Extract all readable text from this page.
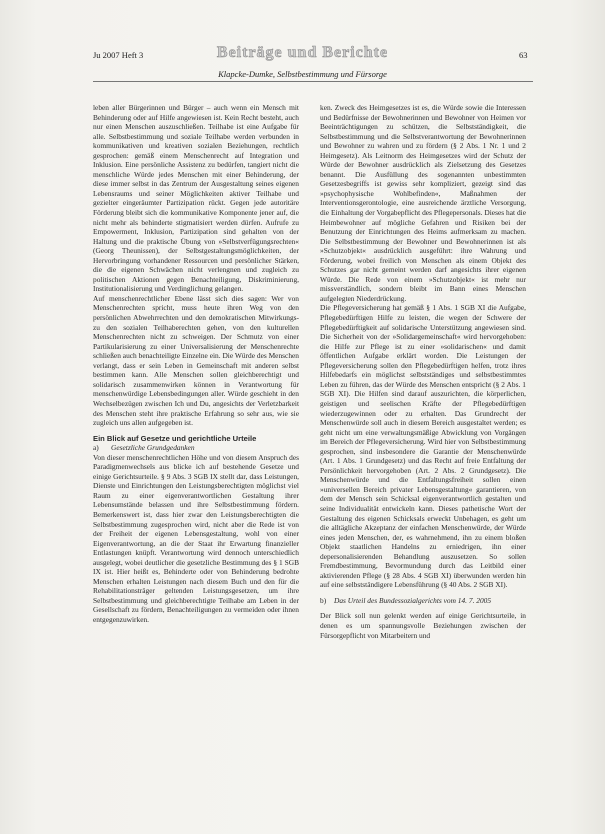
Ju 2007 Heft 3	Beiträge und Berichte	63
Klapcke-Dumke, Selbstbestimmung und Fürsorge

leben aller Bürgerinnen und Bürger – auch wenn ein Mensch mit Behinderung oder auf Hilfe angewiesen ist. Kein Recht besteht, auch nur einen Menschen auszuschließen. Teilhabe ist eine Aufgabe für alle. Selbstbestimmung und soziale Teilhabe werden verbunden in kommunikativen und kreativen sozialen Beziehungen, rechtlich gesprochen: gemäß einem Menschenrecht auf Integration und Inklusion. Eine persönliche Assistenz zu bedürfen, tangiert nicht die menschliche Würde jedes Menschen mit einer Behinderung, der diese immer selbst in das Zentrum der Ausgestaltung seines eigenen Lebensraums und seiner Möglichkeiten aktiver Teilhabe und gezielter eingeräumter Partizipation rückt. Gegen jede autoritäre Förderung bleibt sich die kommunikative Komponente jener auf, die nicht mehr als behinderte stigmatisiert werden dürfen. Aufrufe zu Empowerment, Inklusion, Partizipation sind gehalten von der Haltung und die praktische Übung von »Selbstverfügungsrechten« (Georg Theunissen), der Selbstgestaltungsmöglichkeiten, der Hervorbringung vorhandener Ressourcen und persönlicher Stärken, die die eigenen Schwächen nicht verlengnen und zugleich zu politischen Aktionen gegen Benachteiligung, Diskriminierung, Institutionalisierung und Verdinglichung gelangen.

Auf menschenrechtlicher Ebene lässt sich dies sagen: Wer von Menschenrechten spricht, muss heute ihren Weg von den persönlichen Abwehrrechten und den demokratischen Mitwirkungs- zu den sozialen Teilhaberechten gehen, von den kulturellen Menschenrechten nicht zu schweigen. Der Schmutz von einer Partikularisierung zu einer Universalisierung der Menschenrechte schließen auch benachteiligte Einzelne ein. Die Würde des Menschen verlangt, dass er sein Leben in Gemeinschaft mit anderen selbst bestimmen kann. Alle Menschen sollen gleichberechtigt und solidarisch zusammenwirken können in Verantwortung für menschenwürdige Lebensbedingungen aller. Würde geschieht in den Wechselbezügen zwischen Ich und Du, angesichts der Verletzbarkeit des Menschen steht ihre praktische Erfahrung so sehr aus, wie sie zugleich uns allen aufgegeben ist.

Ein Blick auf Gesetze und gerichtliche Urteile

a) Gesetzliche Grundgedanken

Von dieser menschenrechtlichen Höhe und von diesem Anspruch des Paradigmenwechsels aus blicke ich auf bestehende Gesetze und einige Gerichtsurteile. § 9 Abs. 3 SGB IX stellt dar, dass Leistungen, Dienste und Einrichtungen den Leistungsberechtigten möglichst viel Raum zu einer eigenverantwortlichen Gestaltung ihrer Lebensumstände belassen und ihre Selbstbestimmung fördern. Bemerkenswert ist, dass hier zwar den Leistungsberechtigten die Selbstbestimmung zugesprochen wird, nicht aber die Rede ist von der Freiheit der eigenen Lebensgestaltung, wohl von einer Eigenverantwortung, an die der Staat ihr Erwartung finanzieller Entlastungen knüpft. Verantwortung wird dennoch unterschiedlich ausgelegt, wobei deutlicher die gesetzliche Bestimmung des § 1 SGB IX ist. Hier heißt es, Behinderte oder von Behinderung bedrohte Menschen erhalten Leistungen nach diesem Buch und den für die Rehabilitationsträger geltenden Leistungsgesetzen, um ihre Selbstbestimmung und gleichberechtigte Teilhabe am Leben in der Gesellschaft zu fördern, Benachteiligungen zu vermeiden oder ihnen entgegenzuwirken.

ken. Zweck des Heimgesetzes ist es, die Würde sowie die Interessen und Bedürfnisse der Bewohnerinnen und Bewohner von Heimen vor Beeinträchtigungen zu schützen, die Selbstständigkeit, die Selbstbestimmung und die Selbstverantwortung der Bewohnerinnen und Bewohner zu wahren und zu fördern (§ 2 Abs. 1 Nr. 1 und 2 Heimgesetz). Als Leitnorm des Heimgesetzes wird der Schutz der Würde der Bewohner ausdrücklich als Zielsetzung des Gesetzes benannt. Die Ausfüllung des sogenannten unbestimmten Gesetzesbegriffs ist gewiss sehr kompliziert, gezeigt sind das »psychophysische Wohlbefinden«, Maßnahmen der Interventionsgerontologie, eine ausreichende ärztliche Versorgung, die Einhaltung der Vorgabepflicht des Pflegepersonals. Dieses hat die Heimbewohner auf mögliche Gefahren und Risiken bei der Benutzung der Einrichtungen des Heims aufmerksam zu machen. Die Selbstbestimmung der Bewohner und Bewohnerinnen ist als »Schutzobjekt« ausdrücklich ausgeführt: ihre Wahrung und Förderung, wobei freilich von Menschen als einem Objekt des Schutzes gar nicht gemeint werden darf angesichts ihrer eigenen Würde. Die Rede von einem »Schutzobjekt« ist mehr nur missverständlich, sondern bleibt im Bann eines Menschen aufgelegten Niederdrückung.

Die Pflegeversicherung hat gemäß § 1 Abs. 1 SGB XI die Aufgabe, Pflegebedürftigen Hilfe zu leisten, die wegen der Schwere der Pflegebedürftigkeit auf solidarische Unterstützung angewiesen sind. Die Sicherheit von der »Solidargemeinschaft« wird hervorgehoben: die Hilfe zur Pflege ist zu einer »solidarischen« und damit öffentlichen Aufgabe erklärt worden. Die Leistungen der Pflegeversicherung sollen den Pflegebedürftigen helfen, trotz ihres Hilfebedarfs ein möglichst selbstständiges und selbstbestimmtes Leben zu führen, das der Würde des Menschen entspricht (§ 2 Abs. 1 SGB XI). Die Hilfen sind darauf auszurichten, die körperlichen, geistigen und seelischen Kräfte der Pflegebedürftigen wiederzugewinnen oder zu erhalten. Das Grundrecht der Menschenwürde soll auch in diesem Bereich ausgestaltet werden; es geht nicht um eine verwaltungsmäßige Abwicklung von Vorgängen im Bereich der Pflegeversicherung. Wird hier von Selbstbestimmung gesprochen, sind insbesondere die Garantie der Menschenwürde (Art. 1 Abs. 1 Grundgesetz) und das Recht auf freie Entfaltung der Persönlichkeit hervorgehoben (Art. 2 Abs. 2 Grundgesetz). Die Menschenwürde und die Entfaltungsfreiheit sollen einen »universellen Bereich privater Lebensgestaltung« garantieren, von dem der Mensch sein Schicksal eigenverantwortlich gestalten und seine Individualität entwickeln kann. Dieses pathetische Wort der Gestaltung des eigenen Schicksals erweckt Unbehagen, es geht um die alltägliche Akzeptanz der einfachen Menschenwürde, der Würde eines jeden Menschen, der, es wahrnehmend, ihn zu einem bloßen Objekt staatlichen Handelns zu erniedrigen, ihn einer depersonalisierenden Behandlung auszusetzen. So sollen Fremdbestimmung, Bevormundung durch das Leitbild einer aktivierenden Pflege (§ 28 Abs. 4 SGB XI) überwunden werden hin auf eine selbstständigere Lebensführung (§ 40 Abs. 2 SGB XI).

b) Das Urteil des Bundessozialgerichts vom 14. 7. 2005

Der Blick soll nun gelenkt werden auf einige Gerichtsurteile, in denen es um spannungsvolle Beziehungen zwischen der Fürsorgepflicht von Mitarbeitern und
